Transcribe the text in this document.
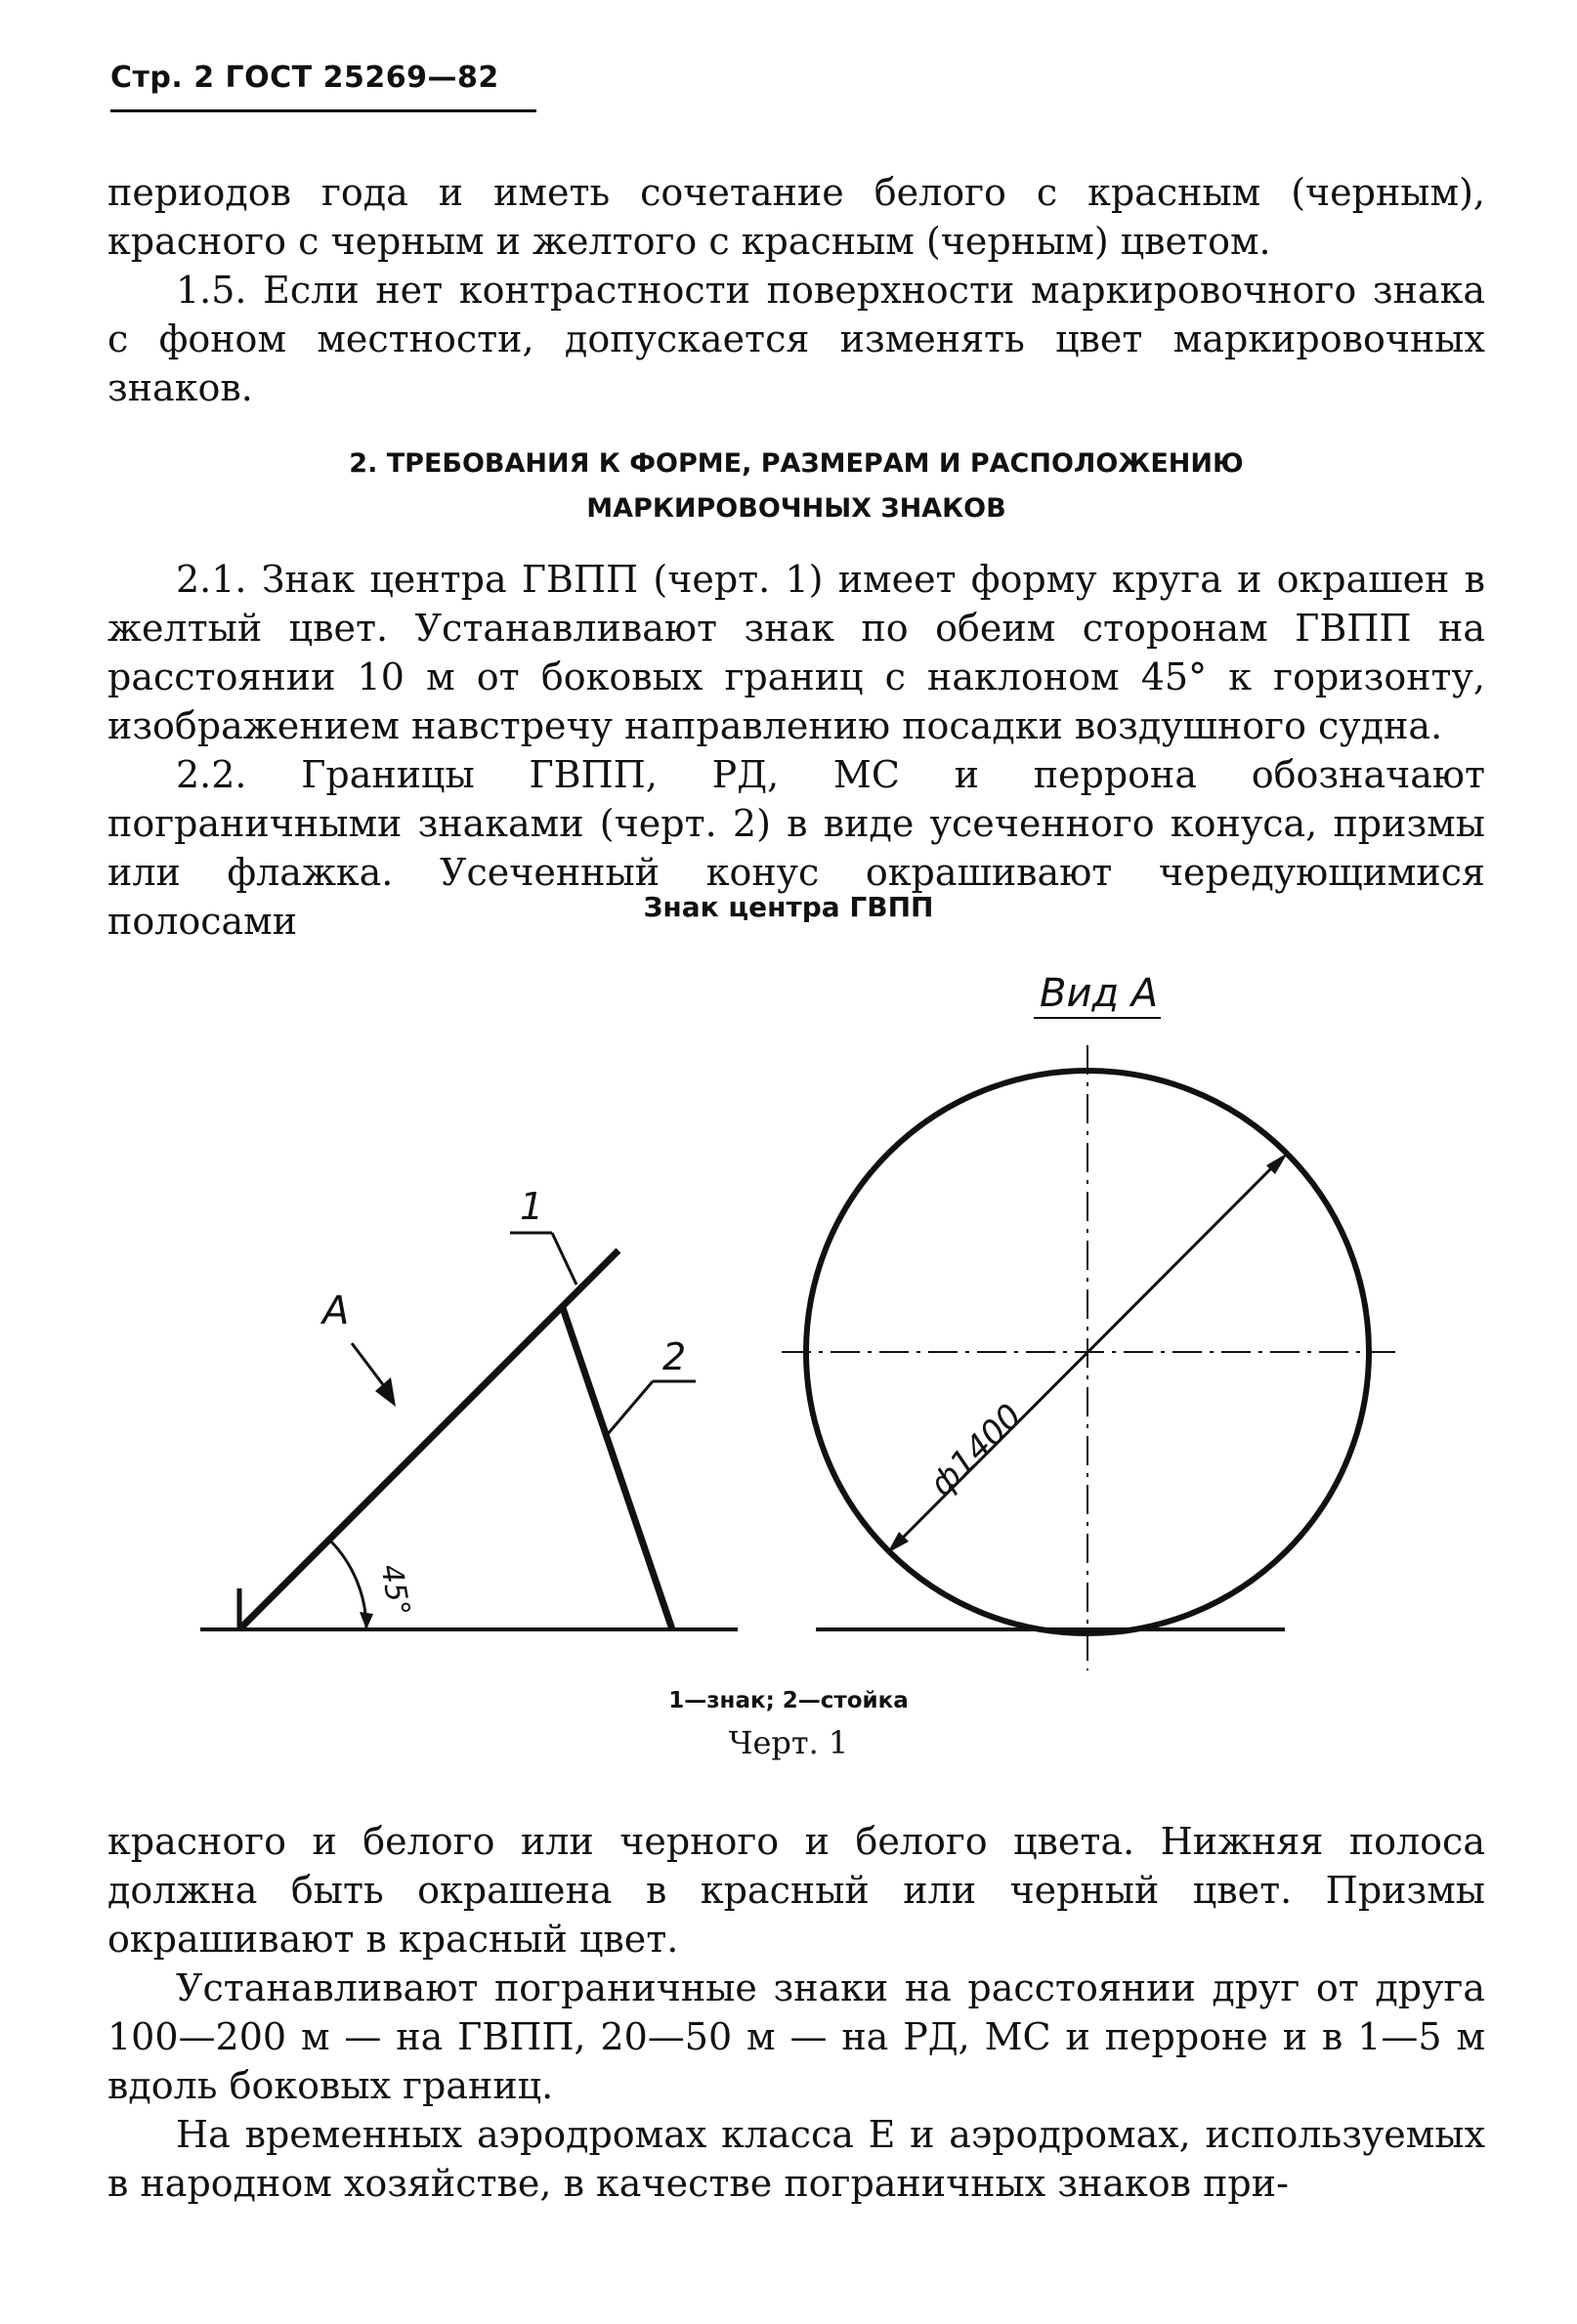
Стр. 2 ГОСТ 25269—82
периодов года и иметь сочетание белого с красным (черным), красного с черным и желтого с красным (черным) цветом.
1.5. Если нет контрастности поверхности маркировочного знака с фоном местности, допускается изменять цвет маркировочных знаков.
2. ТРЕБОВАНИЯ К ФОРМЕ, РАЗМЕРАМ И РАСПОЛОЖЕНИЮ
МАРКИРОВОЧНЫХ ЗНАКОВ
2.1. Знак центра ГВПП (черт. 1) имеет форму круга и окрашен в желтый цвет. Устанавливают знак по обеим сторонам ГВПП на расстоянии 10 м от боковых границ с наклоном 45° к горизонту, изображением навстречу направлению посадки воздушного судна.
2.2. Границы ГВПП, РД, МС и перрона обозначают пограничными знаками (черт. 2) в виде усеченного конуса, призмы или флажка. Усеченный конус окрашивают чередующимися полосами	Знак центра ГВПП
45°
А
1
2
Вид А
ф1400
1—знак; 2—стойка
Черт. 1
красного и белого или черного и белого цвета. Нижняя полоса должна быть окрашена в красный или черный цвет. Призмы окрашивают в красный цвет.
Устанавливают пограничные знаки на расстоянии друг от друга 100—200 м — на ГВПП, 20—50 м — на РД, МС и перроне и в 1—5 м вдоль боковых границ.
На временных аэродромах класса Е и аэродромах, используемых в народном хозяйстве, в качестве пограничных знаков при-
